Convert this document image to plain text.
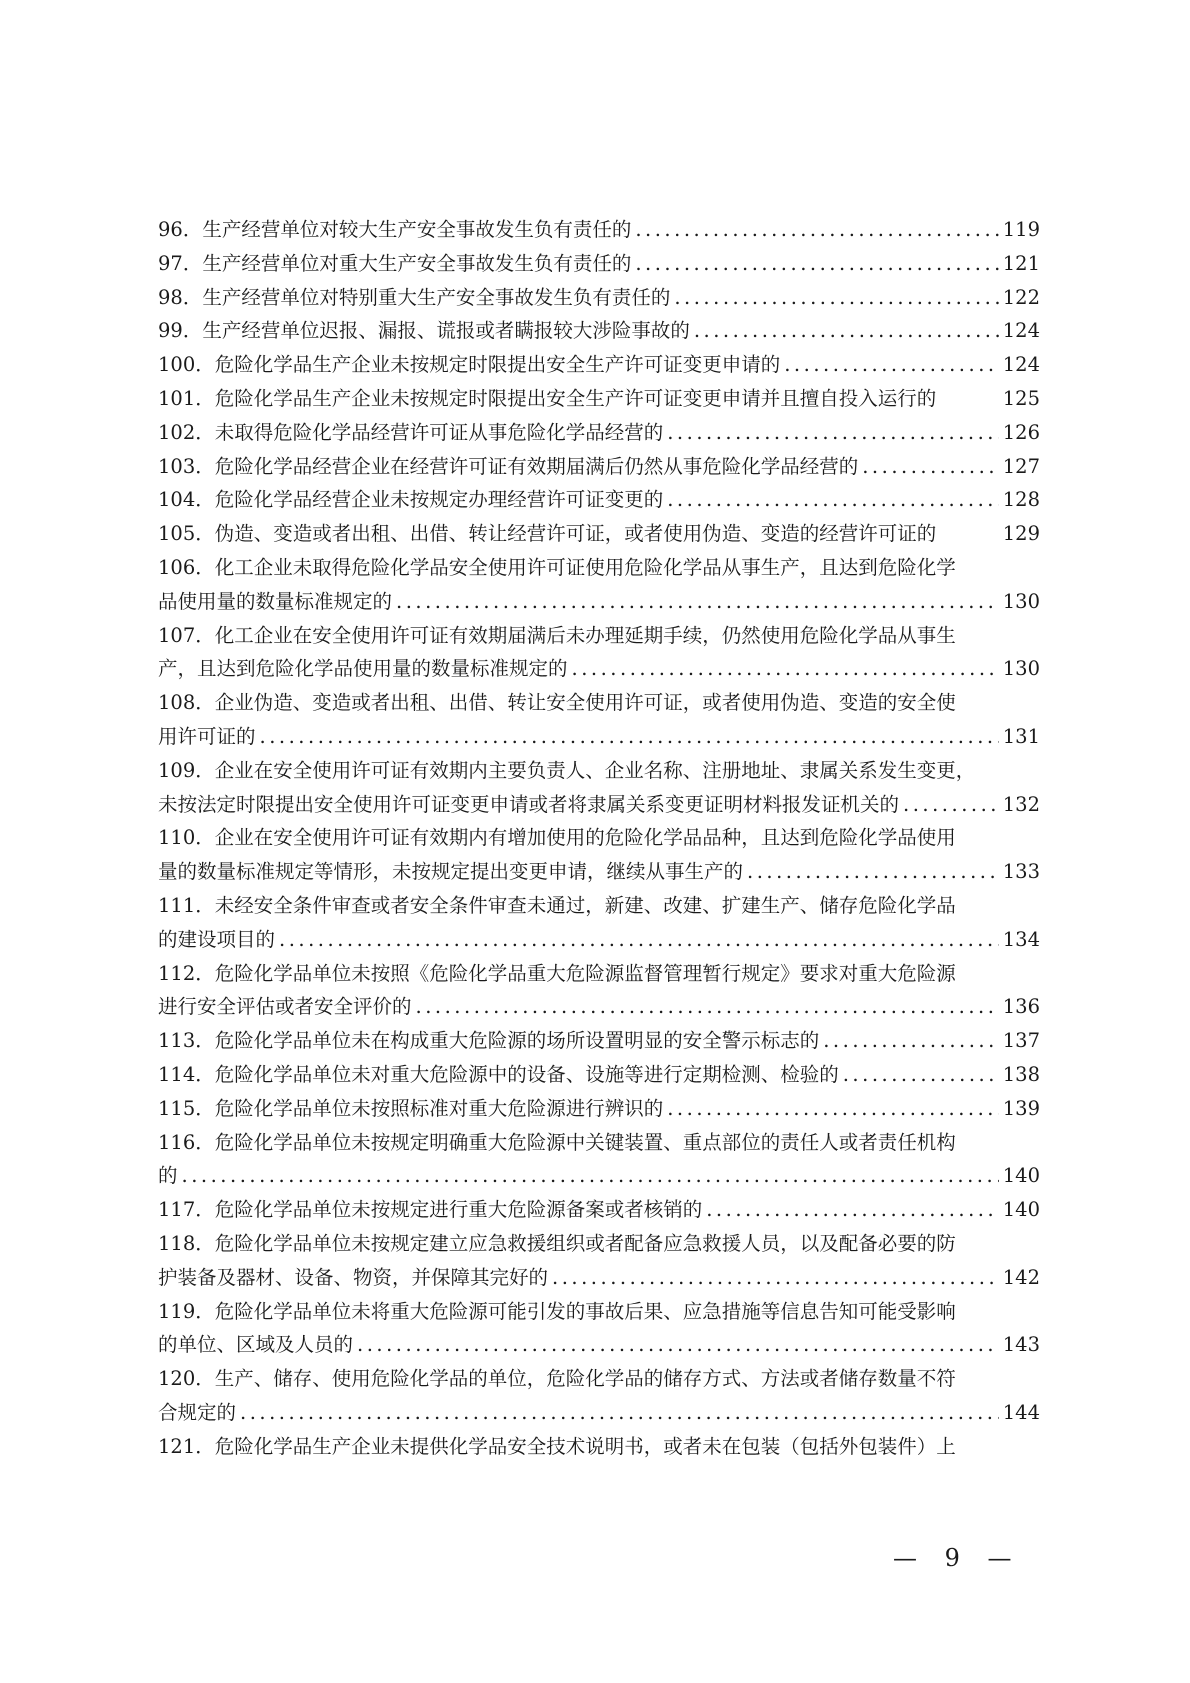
96．生产经营单位对较大生产安全事故发生负有责任的 .....	119
97．生产经营单位对重大生产安全事故发生负有责任的 .....	121
98．生产经营单位对特别重大生产安全事故发生负有责任的 .....	122
99．生产经营单位迟报、漏报、谎报或者瞒报较大涉险事故的 .....	124
100．危险化学品生产企业未按规定时限提出安全生产许可证变更申请的 .....	124
101．危险化学品生产企业未按规定时限提出安全生产许可证变更申请并且擅自投入运行的	125
102．未取得危险化学品经营许可证从事危险化学品经营的 .....	126
103．危险化学品经营企业在经营许可证有效期届满后仍然从事危险化学品经营的 .....	127
104．危险化学品经营企业未按规定办理经营许可证变更的 .....	128
105．伪造、变造或者出租、出借、转让经营许可证，或者使用伪造、变造的经营许可证的	129
106．化工企业未取得危险化学品安全使用许可证使用危险化学品从事生产，且达到危险化学
品使用量的数量标准规定的 .....	130
107．化工企业在安全使用许可证有效期届满后未办理延期手续，仍然使用危险化学品从事生
产，且达到危险化学品使用量的数量标准规定的 .....	130
108．企业伪造、变造或者出租、出借、转让安全使用许可证，或者使用伪造、变造的安全使
用许可证的 .....	131
109．企业在安全使用许可证有效期内主要负责人、企业名称、注册地址、隶属关系发生变更，
未按法定时限提出安全使用许可证变更申请或者将隶属关系变更证明材料报发证机关的 .....	132
110．企业在安全使用许可证有效期内有增加使用的危险化学品品种，且达到危险化学品使用
量的数量标准规定等情形，未按规定提出变更申请，继续从事生产的 .....	133
111．未经安全条件审查或者安全条件审查未通过，新建、改建、扩建生产、储存危险化学品
的建设项目的 .....	134
112．危险化学品单位未按照《危险化学品重大危险源监督管理暂行规定》要求对重大危险源
进行安全评估或者安全评价的 .....	136
113．危险化学品单位未在构成重大危险源的场所设置明显的安全警示标志的 .....	137
114．危险化学品单位未对重大危险源中的设备、设施等进行定期检测、检验的 .....	138
115．危险化学品单位未按照标准对重大危险源进行辨识的 .....	139
116．危险化学品单位未按规定明确重大危险源中关键装置、重点部位的责任人或者责任机构
的 .....	140
117．危险化学品单位未按规定进行重大危险源备案或者核销的 .....	140
118．危险化学品单位未按规定建立应急救援组织或者配备应急救援人员，以及配备必要的防
护装备及器材、设备、物资，并保障其完好的 .....	142
119．危险化学品单位未将重大危险源可能引发的事故后果、应急措施等信息告知可能受影响
的单位、区域及人员的 .....	143
120．生产、储存、使用危险化学品的单位，危险化学品的储存方式、方法或者储存数量不符
合规定的 .....	144
121．危险化学品生产企业未提供化学品安全技术说明书，或者未在包装（包括外包装件）上
— 9 —
